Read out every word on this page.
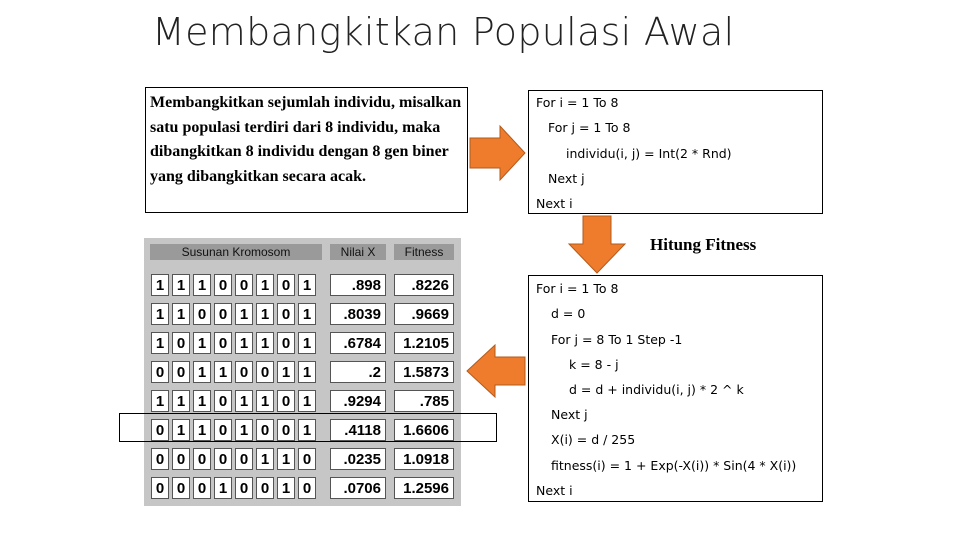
Membangkitkan Populasi Awal
Membangkitkan sejumlah individu, misalkan satu populasi terdiri dari 8 individu, maka dibangkitkan 8 individu dengan 8 gen biner yang dibangkitkan secara acak.
For i = 1 To 8
For j = 1 To 8
individu(i, j) = Int(2 * Rnd)
Next j
Next i
Hitung Fitness
For i = 1 To 8
d = 0
For j = 8 To 1 Step -1
k = 8 - j
d = d + individu(i, j) * 2 ^ k
Next j
X(i) = d / 255
fitness(i) = 1 + Exp(-X(i)) * Sin(4 * X(i))
Next i
Susunan Kromosom	Nilai X	Fitness
1 1 1 0 0 1 0 1	.898	.8226
1 1 0 0 1 1 0 1	.8039	.9669
1 0 1 0 1 1 0 1	.6784	1.2105
0 0 1 1 0 0 1 1	.2	1.5873
1 1 1 0 1 1 0 1	.9294	.785
0 1 1 0 1 0 0 1	.4118	1.6606
0 0 0 0 0 1 1 0	.0235	1.0918
0 0 0 1 0 0 1 0	.0706	1.2596
